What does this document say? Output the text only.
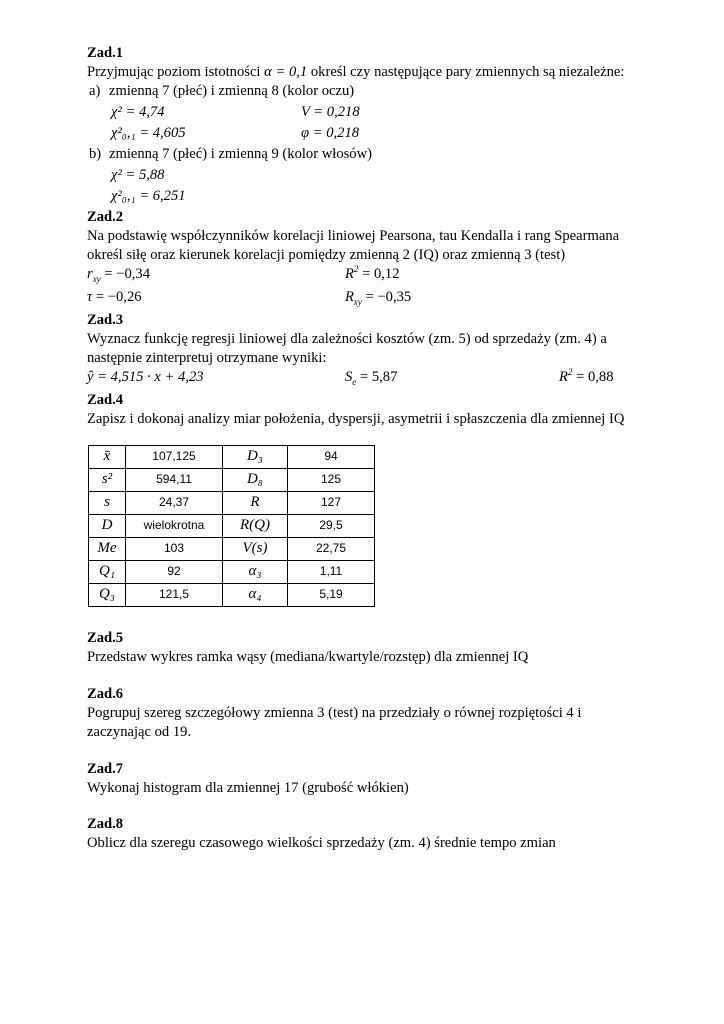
Zad.1

Przyjmując poziom istotności α = 0,1 określ czy następujące pary zmiennych są niezależne:

a) zmienną 7 (płeć) i zmienną 8 (kolor oczu)
χ² = 4,74	V = 0,218
χ²₀,₁ = 4,605	φ = 0,218
b) zmienną 7 (płeć) i zmienną 9 (kolor włosów)
χ² = 5,88
χ²₀,₁ = 6,251

Zad.2

Na podstawię współczynników korelacji liniowej Pearsona, tau Kendalla i rang Spearmana

określ siłę oraz kierunek korelacji pomiędzy zmienną 2 (IQ) oraz zmienną 3 (test)

$r_{xy} = -0,34$	$R^2 = 0,12$
τ = −0,26	$R_{xy} = -0,35$

Zad.3

Wyznacz funkcję regresji liniowej dla zależności kosztów (zm. 5) od sprzedaży (zm. 4) a

następnie zinterpretuj otrzymane wyniki:

ŷ = 4,515 · x + 4,23	$S_e = 5,87$	$R^2 = 0,88$

Zad.4

Zapisz i dokonaj analizy miar położenia, dyspersji, asymetrii i spłaszczenia dla zmiennej IQ

x̄	107,125	D₃	94
s²	594,11	D₈	125
s	24,37	R	127
D	wielokrotna	R(Q)	29,5
Me	103	V(s)	22,75
Q₁	92	α₃	1,11
Q₃	121,5	α₄	5,19

Zad.5

Przedstaw wykres ramka wąsy (mediana/kwartyle/rozstęp) dla zmiennej IQ

Zad.6

Pogrupuj szereg szczegółowy zmienna 3 (test) na przedziały o równej rozpiętości 4 i

zaczynając od 19.

Zad.7

Wykonaj histogram dla zmiennej 17 (grubość włókien)

Zad.8

Oblicz dla szeregu czasowego wielkości sprzedaży (zm. 4) średnie tempo zmian
